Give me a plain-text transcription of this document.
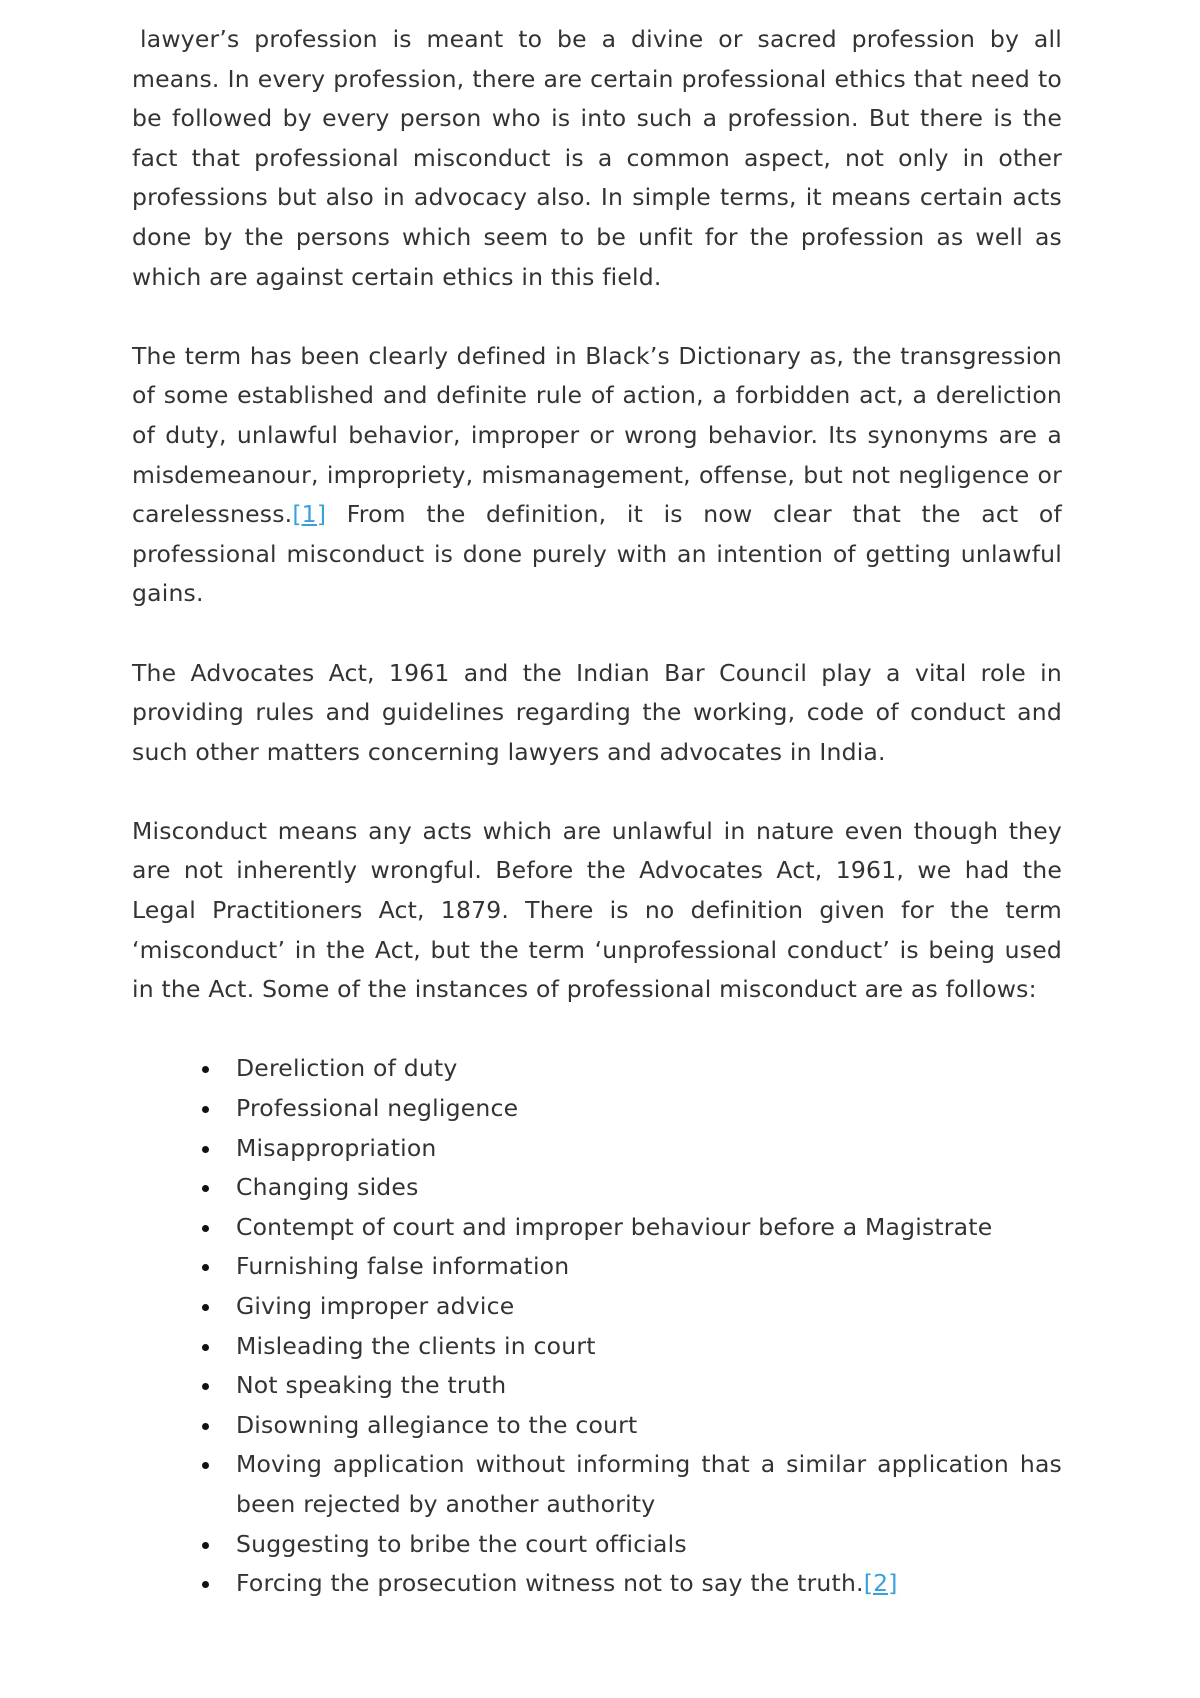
lawyer’s profession is meant to be a divine or sacred profession by all means. In every profession, there are certain professional ethics that need to be followed by every person who is into such a profession. But there is the fact that professional misconduct is a common aspect, not only in other professions but also in advocacy also. In simple terms, it means certain acts done by the persons which seem to be unfit for the profession as well as which are against certain ethics in this field.

The term has been clearly defined in Black’s Dictionary as, the transgression of some established and definite rule of action, a forbidden act, a dereliction of duty, unlawful behavior, improper or wrong behavior. Its synonyms are a misdemeanour, impropriety, mismanagement, offense, but not negligence or carelessness.[1] From the definition, it is now clear that the act of professional misconduct is done purely with an intention of getting unlawful gains.

The Advocates Act, 1961 and the Indian Bar Council play a vital role in providing rules and guidelines regarding the working, code of conduct and such other matters concerning lawyers and advocates in India.

Misconduct means any acts which are unlawful in nature even though they are not inherently wrongful. Before the Advocates Act, 1961, we had the Legal Practitioners Act, 1879. There is no definition given for the term ‘misconduct’ in the Act, but the term ‘unprofessional conduct’ is being used in the Act. Some of the instances of professional misconduct are as follows:

Dereliction of duty
Professional negligence
Misappropriation
Changing sides
Contempt of court and improper behaviour before a Magistrate
Furnishing false information
Giving improper advice
Misleading the clients in court
Not speaking the truth
Disowning allegiance to the court
Moving application without informing that a similar application has been rejected by another authority
Suggesting to bribe the court officials
Forcing the prosecution witness not to say the truth.[2]
